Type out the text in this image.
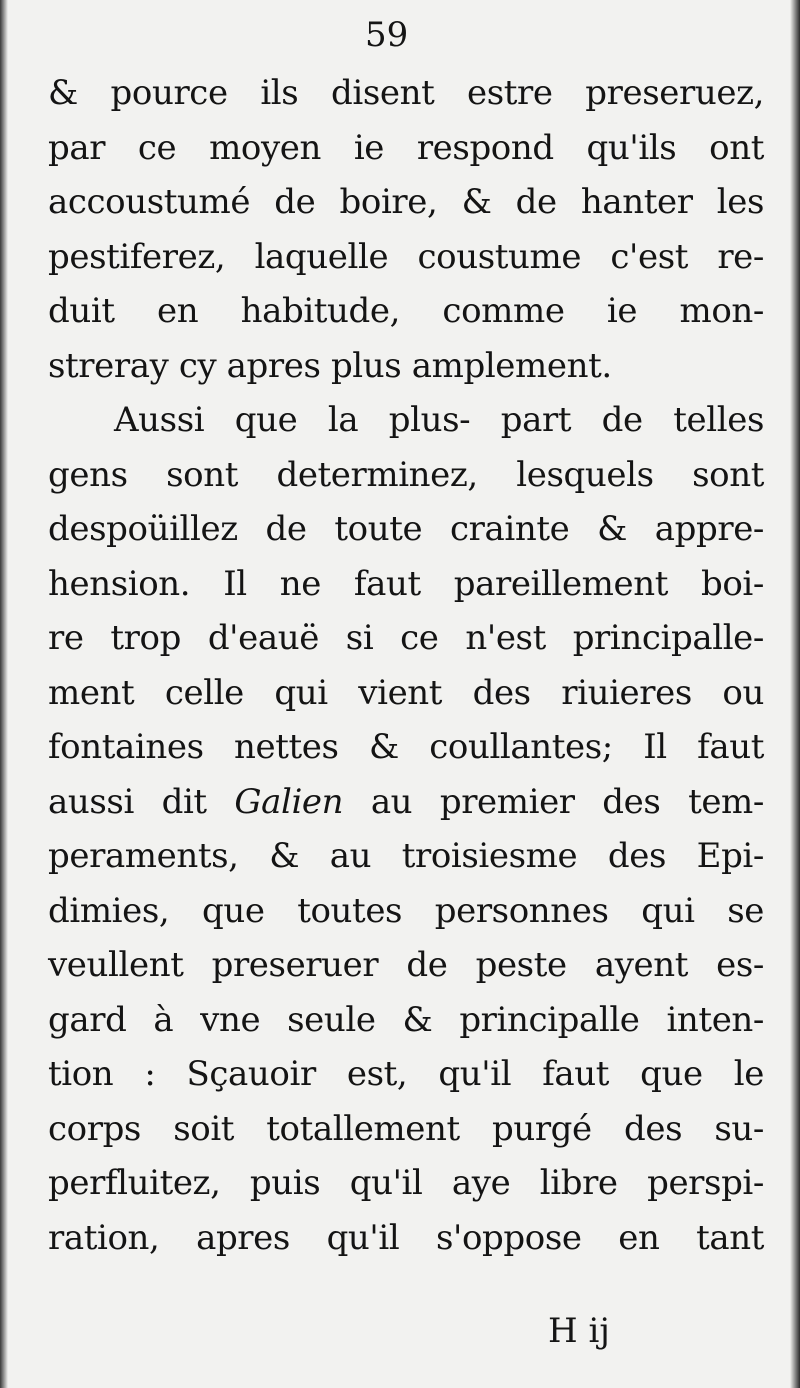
59
& pource ils disent estre preseruez,
par ce moyen ie respond qu'ils ont
accoustumé de boire, & de hanter les
pestiferez, laquelle coustume c'est re-
duit en habitude, comme ie mon-
streray cy apres plus amplement.
Aussi que la plus- part de telles
gens sont determinez, lesquels sont
despoüillez de toute crainte & appre-
hension. Il ne faut pareillement boi-
re trop d'eauë si ce n'est principalle-
ment celle qui vient des riuieres ou
fontaines nettes & coullantes; Il faut
aussi dit Galien au premier des tem-
peraments, & au troisiesme des Epi-
dimies, que toutes personnes qui se
veullent preseruer de peste ayent es-
gard à vne seule & principalle inten-
tion : Sçauoir est, qu'il faut que le
corps soit totallement purgé des su-
perfluitez, puis qu'il aye libre perspi-
ration, apres qu'il s'oppose en tant
H ij
